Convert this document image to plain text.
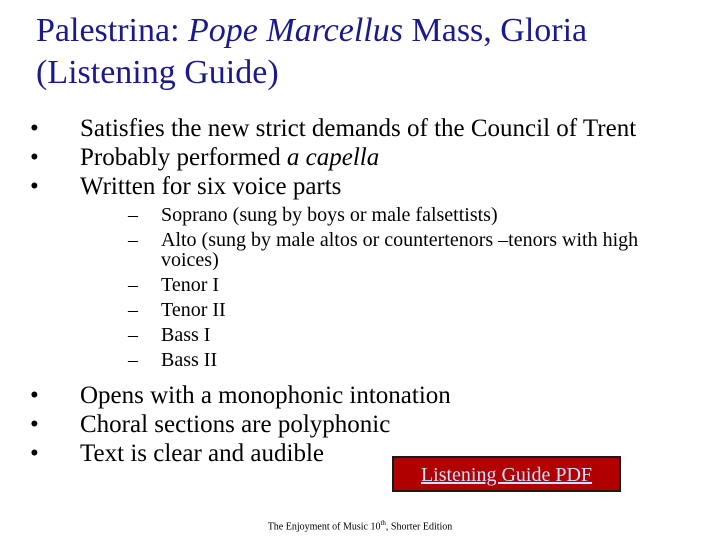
Palestrina: Pope Marcellus Mass, Gloria
(Listening Guide)
• Satisfies the new strict demands of the Council of Trent
• Probably performed a capella
• Written for six voice parts
– Soprano (sung by boys or male falsettists)
– Alto (sung by male altos or countertenors –tenors with high voices)
– Tenor I
– Tenor II
– Bass I
– Bass II
• Opens with a monophonic intonation
• Choral sections are polyphonic
• Text is clear and audible
Listening Guide PDF
The Enjoyment of Music 10th, Shorter Edition
